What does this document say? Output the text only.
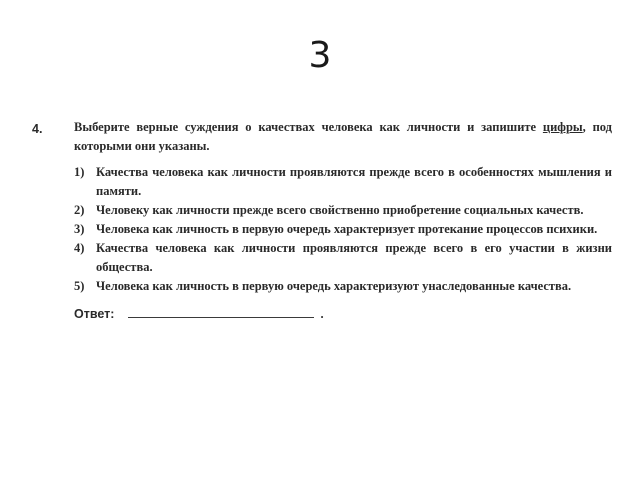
3
4.	Выберите верные суждения о качествах человека как личности и запишите цифры, под которыми они указаны.
1) Качества человека как личности проявляются прежде всего в особенностях мышления и памяти.
2) Человеку как личности прежде всего свойственно приобретение социальных качеств.
3) Человека как личность в первую очередь характеризует протекание процессов психики.
4) Качества человека как личности проявляются прежде всего в его участии в жизни общества.
5) Человека как личность в первую очередь характеризуют унаследованные качества.
Ответ:	.
